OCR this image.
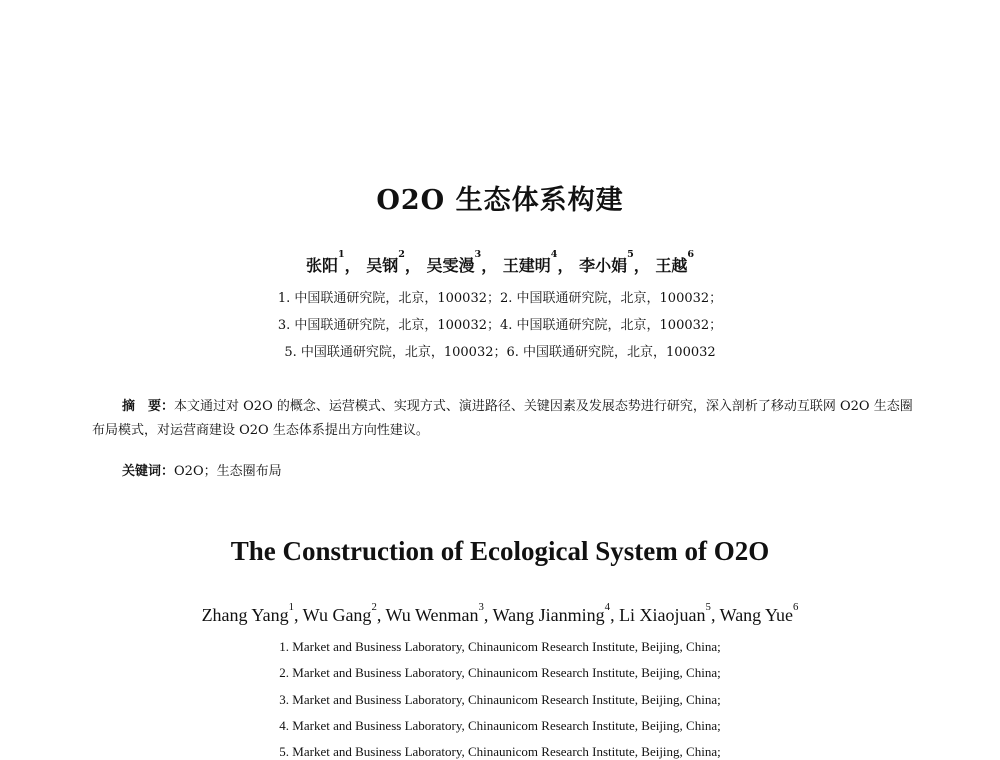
O2O 生态体系构建
张阳$^1$， 吴钢$^2$， 吴雯漫$^3$， 王建明$^4$， 李小娟$^5$， 王越$^6$
1. 中国联通研究院，北京，100032；2. 中国联通研究院，北京，100032；
3. 中国联通研究院，北京，100032；4. 中国联通研究院，北京，100032；
5. 中国联通研究院，北京，100032；6. 中国联通研究院，北京，100032
摘　要：本文通过对 O2O 的概念、运营模式、实现方式、演进路径、关键因素及发展态势进行研究，深入剖析了移动互联网 O2O 生态圈布局模式，对运营商建设 O2O 生态体系提出方向性建议。
关键词：O2O；生态圈布局
The Construction of Ecological System of O2O
Zhang Yang$^1$, Wu Gang$^2$, Wu Wenman$^3$, Wang Jianming$^4$, Li Xiaojuan$^5$, Wang Yue$^6$
1. Market and Business Laboratory, Chinaunicom Research Institute, Beijing, China;
2. Market and Business Laboratory, Chinaunicom Research Institute, Beijing, China;
3. Market and Business Laboratory, Chinaunicom Research Institute, Beijing, China;
4. Market and Business Laboratory, Chinaunicom Research Institute, Beijing, China;
5. Market and Business Laboratory, Chinaunicom Research Institute, Beijing, China;
